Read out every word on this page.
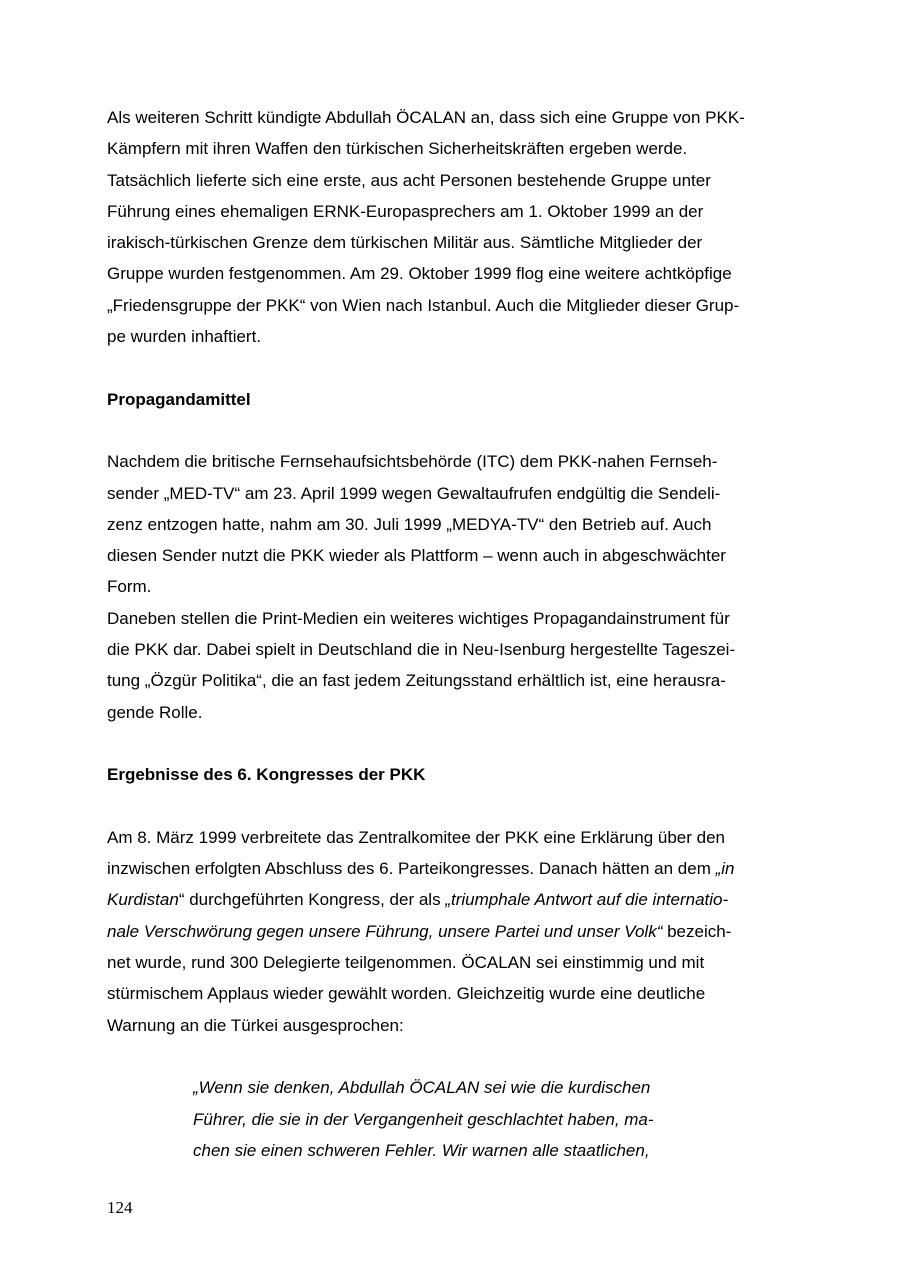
Als weiteren Schritt kündigte Abdullah ÖCALAN an, dass sich eine Gruppe von PKK-
Kämpfern mit ihren Waffen den türkischen Sicherheitskräften ergeben werde.
Tatsächlich lieferte sich eine erste, aus acht Personen bestehende Gruppe unter
Führung eines ehemaligen ERNK-Europasprechers am 1. Oktober 1999 an der
irakisch-türkischen Grenze dem türkischen Militär aus. Sämtliche Mitglieder der
Gruppe wurden festgenommen. Am 29. Oktober 1999 flog eine weitere achtköpfige
„Friedensgruppe der PKK“ von Wien nach Istanbul. Auch die Mitglieder dieser Grup-
pe wurden inhaftiert.

Propagandamittel

Nachdem die britische Fernsehaufsichtsbehörde (ITC) dem PKK-nahen Fernseh-
sender „MED-TV“ am 23. April 1999 wegen Gewaltaufrufen endgültig die Sendeli-
zenz entzogen hatte, nahm am 30. Juli 1999 „MEDYA-TV“ den Betrieb auf. Auch
diesen Sender nutzt die PKK wieder als Plattform – wenn auch in abgeschwächter
Form.

Daneben stellen die Print-Medien ein weiteres wichtiges Propagandainstrument für
die PKK dar. Dabei spielt in Deutschland die in Neu-Isenburg hergestellte Tageszei-
tung „Özgür Politika“, die an fast jedem Zeitungsstand erhältlich ist, eine herausra-
gende Rolle.

Ergebnisse des 6. Kongresses der PKK

Am 8. März 1999 verbreitete das Zentralkomitee der PKK eine Erklärung über den
inzwischen erfolgten Abschluss des 6. Parteikongresses. Danach hätten an dem „in
Kurdistan“ durchgeführten Kongress, der als „triumphale Antwort auf die internatio-
nale Verschwörung gegen unsere Führung, unsere Partei und unser Volk“ bezeich-
net wurde, rund 300 Delegierte teilgenommen. ÖCALAN sei einstimmig und mit
stürmischem Applaus wieder gewählt worden. Gleichzeitig wurde eine deutliche
Warnung an die Türkei ausgesprochen:

„Wenn sie denken, Abdullah ÖCALAN sei wie die kurdischen
Führer, die sie in der Vergangenheit geschlachtet haben, ma-
chen sie einen schweren Fehler. Wir warnen alle staatlichen,
124
